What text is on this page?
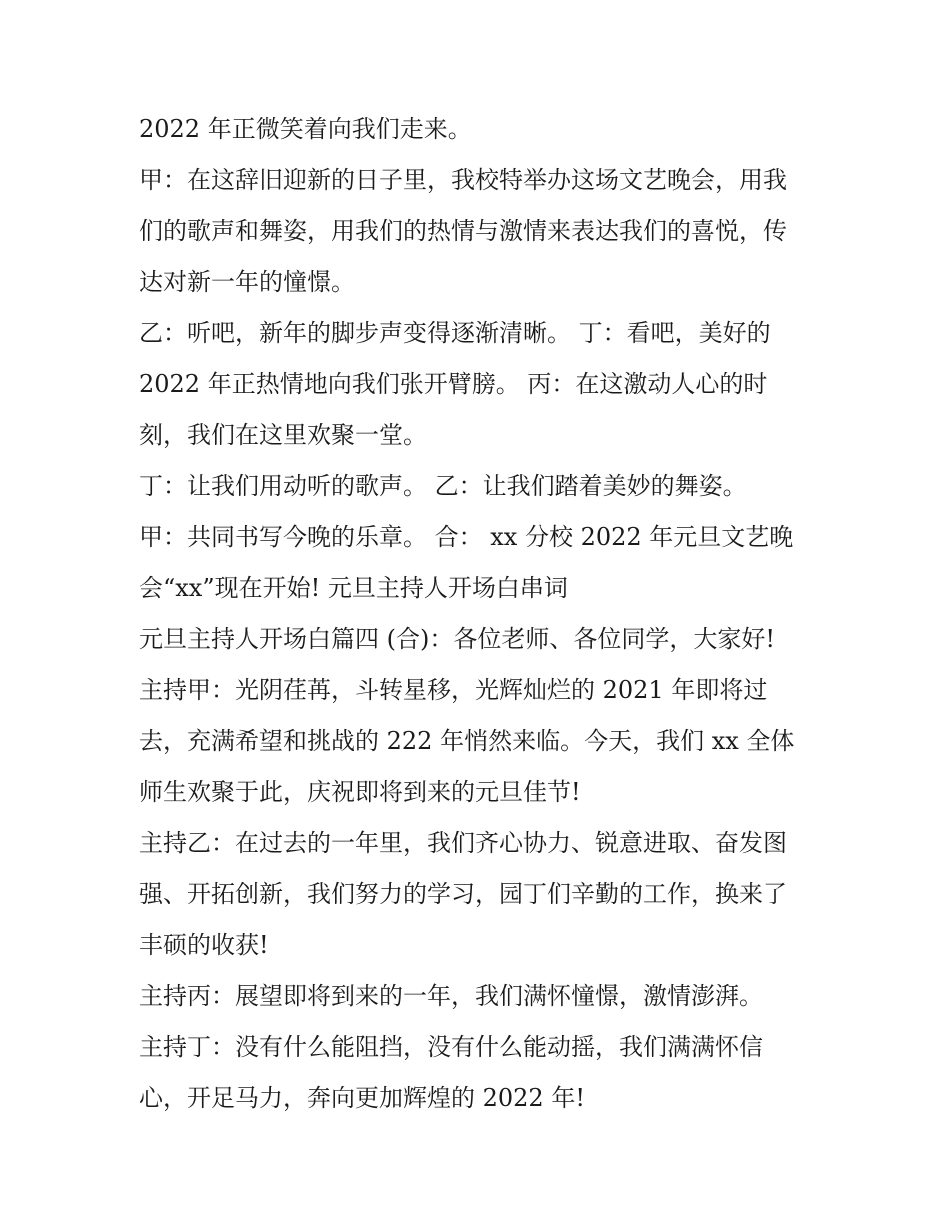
2022 年正微笑着向我们走来。
甲：在这辞旧迎新的日子里，我校特举办这场文艺晚会，用我
们的歌声和舞姿，用我们的热情与激情来表达我们的喜悦，传
达对新一年的憧憬。
乙：听吧，新年的脚步声变得逐渐清晰。 丁：看吧，美好的
2022 年正热情地向我们张开臂膀。 丙：在这激动人心的时
刻，我们在这里欢聚一堂。
丁：让我们用动听的歌声。 乙：让我们踏着美妙的舞姿。
甲：共同书写今晚的乐章。 合： xx 分校 2022 年元旦文艺晚
会“xx”现在开始! 元旦主持人开场白串词
元旦主持人开场白篇四 (合)：各位老师、各位同学，大家好!
主持甲：光阴荏苒，斗转星移，光辉灿烂的 2021 年即将过
去，充满希望和挑战的 222 年悄然来临。今天，我们 xx 全体
师生欢聚于此，庆祝即将到来的元旦佳节!
主持乙：在过去的一年里，我们齐心协力、锐意进取、奋发图
强、开拓创新，我们努力的学习，园丁们辛勤的工作，换来了
丰硕的收获!
主持丙：展望即将到来的一年，我们满怀憧憬，激情澎湃。
主持丁：没有什么能阻挡，没有什么能动摇，我们满满怀信
心，开足马力，奔向更加辉煌的 2022 年!
